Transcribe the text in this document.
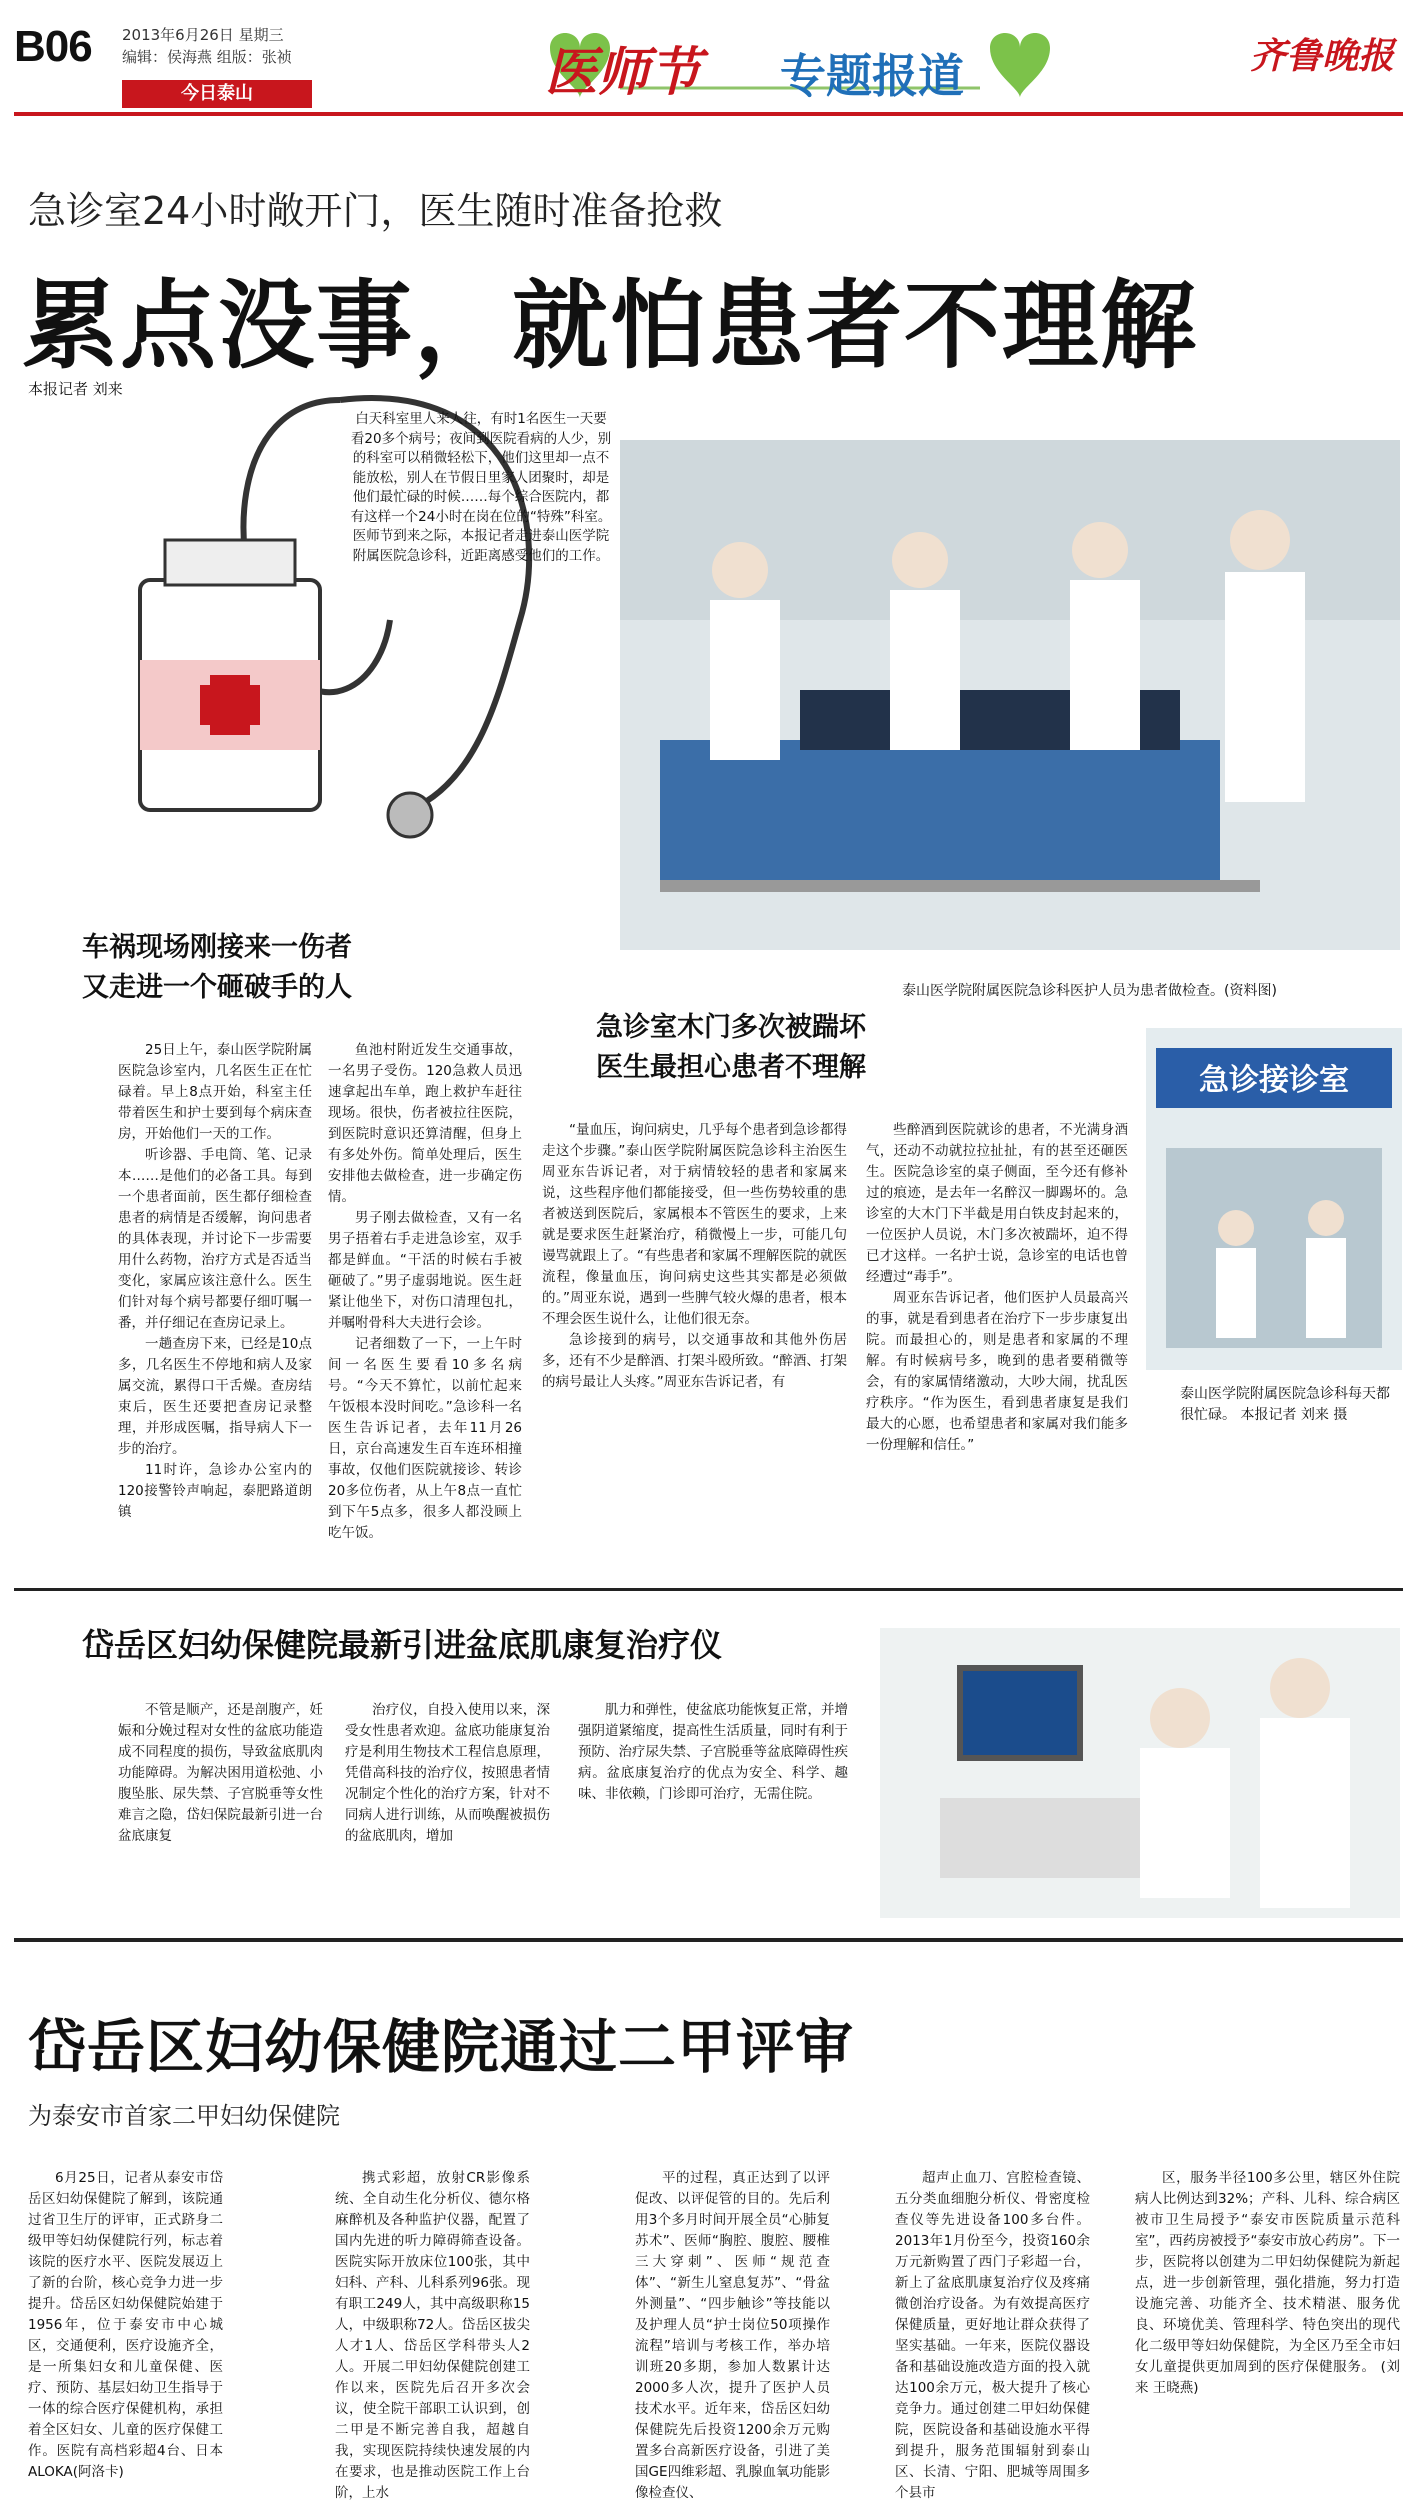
B06 2013年6月26日 星期三
编辑：侯海燕 组版：张祯
今日泰山	医师节 专题报道	齐鲁晚报
急诊室24小时敞开门，医生随时准备抢救
累点没事，就怕患者不理解
本报记者 刘来
白天科室里人来人往，有时1名医生一天要看20多个病号；夜间到医院看病的人少，别的科室可以稍微轻松下，他们这里却一点不能放松，别人在节假日里家人团聚时，却是他们最忙碌的时候……每个综合医院内，都有这样一个24小时在岗在位的“特殊”科室。医师节到来之际，本报记者走进泰山医学院附属医院急诊科，近距离感受他们的工作。
泰山医学院附属医院急诊科医护人员为患者做检查。(资料图)
车祸现场刚接来一伤者
又走进一个砸破手的人
急诊室木门多次被踹坏
医生最担心患者不理解

25日上午，泰山医学院附属医院急诊室内，几名医生正在忙碌着。早上8点开始，科室主任带着医生和护士要到每个病床查房，开始他们一天的工作。

听诊器、手电筒、笔、记录本……是他们的必备工具。每到一个患者面前，医生都仔细检查患者的病情是否缓解，询问患者的具体表现，并讨论下一步需要用什么药物，治疗方式是否适当变化，家属应该注意什么。医生们针对每个病号都要仔细叮嘱一番，并仔细记在查房记录上。

一趟查房下来，已经是10点多，几名医生不停地和病人及家属交流，累得口干舌燥。查房结束后，医生还要把查房记录整理，并形成医嘱，指导病人下一步的治疗。

11时许，急诊办公室内的120接警铃声响起，泰肥路道朗镇

鱼池村附近发生交通事故，一名男子受伤。120急救人员迅速拿起出车单，跑上救护车赶往现场。很快，伤者被拉往医院，到医院时意识还算清醒，但身上有多处外伤。简单处理后，医生安排他去做检查，进一步确定伤情。

男子刚去做检查，又有一名男子捂着右手走进急诊室，双手都是鲜血。“干活的时候右手被砸破了。”男子虚弱地说。医生赶紧让他坐下，对伤口清理包扎，并嘱咐骨科大夫进行会诊。

记者细数了一下，一上午时间一名医生要看10多名病号。“今天不算忙，以前忙起来午饭根本没时间吃。”急诊科一名医生告诉记者，去年11月26日，京台高速发生百车连环相撞事故，仅他们医院就接诊、转诊20多位伤者，从上午8点一直忙到下午5点多，很多人都没顾上吃午饭。

“量血压，询问病史，几乎每个患者到急诊都得走这个步骤。”泰山医学院附属医院急诊科主治医生周亚东告诉记者，对于病情较轻的患者和家属来说，这些程序他们都能接受，但一些伤势较重的患者被送到医院后，家属根本不管医生的要求，上来就是要求医生赶紧治疗，稍微慢上一步，可能几句谩骂就跟上了。“有些患者和家属不理解医院的就医流程，像量血压，询问病史这些其实都是必须做的。”周亚东说，遇到一些脾气较火爆的患者，根本不理会医生说什么，让他们很无奈。

急诊接到的病号，以交通事故和其他外伤居多，还有不少是醉酒、打架斗殴所致。“醉酒、打架的病号最让人头疼。”周亚东告诉记者，有

些醉酒到医院就诊的患者，不光满身酒气，还动不动就拉拉扯扯，有的甚至还砸医生。医院急诊室的桌子侧面，至今还有修补过的痕迹，是去年一名醉汉一脚踢坏的。急诊室的大木门下半截是用白铁皮封起来的，一位医护人员说，木门多次被踹坏，迫不得已才这样。一名护士说，急诊室的电话也曾经遭过“毒手”。

周亚东告诉记者，他们医护人员最高兴的事，就是看到患者在治疗下一步步康复出院。而最担心的，则是患者和家属的不理解。有时候病号多，晚到的患者要稍微等会，有的家属情绪激动，大吵大闹，扰乱医疗秩序。“作为医生，看到患者康复是我们最大的心愿，也希望患者和家属对我们能多一份理解和信任。”

急诊接诊室
泰山医学院附属医院急诊科每天都很忙碌。 本报记者 刘来 摄
岱岳区妇幼保健院最新引进盆底肌康复治疗仪

不管是顺产，还是剖腹产，妊娠和分娩过程对女性的盆底功能造成不同程度的损伤，导致盆底肌肉功能障碍。为解决困用道松弛、小腹坠胀、尿失禁、子宫脱垂等女性难言之隐，岱妇保院最新引进一台盆底康复

治疗仪，自投入使用以来，深受女性患者欢迎。盆底功能康复治疗是利用生物技术工程信息原理，凭借高科技的治疗仪，按照患者情况制定个性化的治疗方案，针对不同病人进行训练，从而唤醒被损伤的盆底肌肉，增加

肌力和弹性，使盆底功能恢复正常，并增强阴道紧缩度，提高性生活质量，同时有利于预防、治疗尿失禁、子宫脱垂等盆底障碍性疾病。盆底康复治疗的优点为安全、科学、趣味、非依赖，门诊即可治疗，无需住院。

岱岳区妇幼保健院通过二甲评审
为泰安市首家二甲妇幼保健院

6月25日，记者从泰安市岱岳区妇幼保健院了解到，该院通过省卫生厅的评审，正式跻身二级甲等妇幼保健院行列，标志着该院的医疗水平、医院发展迈上了新的台阶，核心竞争力进一步提升。岱岳区妇幼保健院始建于1956年，位于泰安市中心城区，交通便利，医疗设施齐全，是一所集妇女和儿童保健、医疗、预防、基层妇幼卫生指导于一体的综合医疗保健机构，承担着全区妇女、儿童的医疗保健工作。医院有高档彩超4台、日本ALOKA(阿洛卡)

携式彩超，放射CR影像系统、全自动生化分析仪、德尔格麻醉机及各种监护仪器，配置了国内先进的听力障碍筛查设备。医院实际开放床位100张，其中妇科、产科、儿科系列96张。现有职工249人，其中高级职称15人，中级职称72人。岱岳区拔尖人才1人、岱岳区学科带头人2人。开展二甲妇幼保健院创建工作以来，医院先后召开多次会议，使全院干部职工认识到，创二甲是不断完善自我，超越自我，实现医院持续快速发展的内在要求，也是推动医院工作上台阶，上水

平的过程，真正达到了以评促改、以评促管的目的。先后利用3个多月时间开展全员“心肺复苏术”、医师“胸腔、腹腔、腰椎三大穿刺”、医师“规范查体”、“新生儿窒息复苏”、“骨盆外测量”、“四步触诊”等技能以及护理人员“护士岗位50项操作流程”培训与考核工作，举办培训班20多期，参加人数累计达2000多人次，提升了医护人员技术水平。近年来，岱岳区妇幼保健院先后投资1200余万元购置多台高新医疗设备，引进了美国GE四维彩超、乳腺血氧功能影像检查仪、

超声止血刀、宫腔检查镜、五分类血细胞分析仪、骨密度检查仪等先进设备100多台件。2013年1月份至今，投资160余万元新购置了西门子彩超一台，新上了盆底肌康复治疗仪及疼痛微创治疗设备。为有效提高医疗保健质量，更好地让群众获得了坚实基础。一年来，医院仪器设备和基础设施改造方面的投入就达100余万元，极大提升了核心竞争力。通过创建二甲妇幼保健院，医院设备和基础设施水平得到提升，服务范围辐射到泰山区、长清、宁阳、肥城等周围多个县市

区，服务半径100多公里，辖区外住院病人比例达到32%；产科、儿科、综合病区被市卫生局授予“泰安市医院质量示范科室”，西药房被授予“泰安市放心药房”。下一步，医院将以创建为二甲妇幼保健院为新起点，进一步创新管理，强化措施，努力打造设施完善、功能齐全、技术精湛、服务优良、环境优美、管理科学、特色突出的现代化二级甲等妇幼保健院，为全区乃至全市妇女儿童提供更加周到的医疗保健服务。 (刘来 王晓燕)
